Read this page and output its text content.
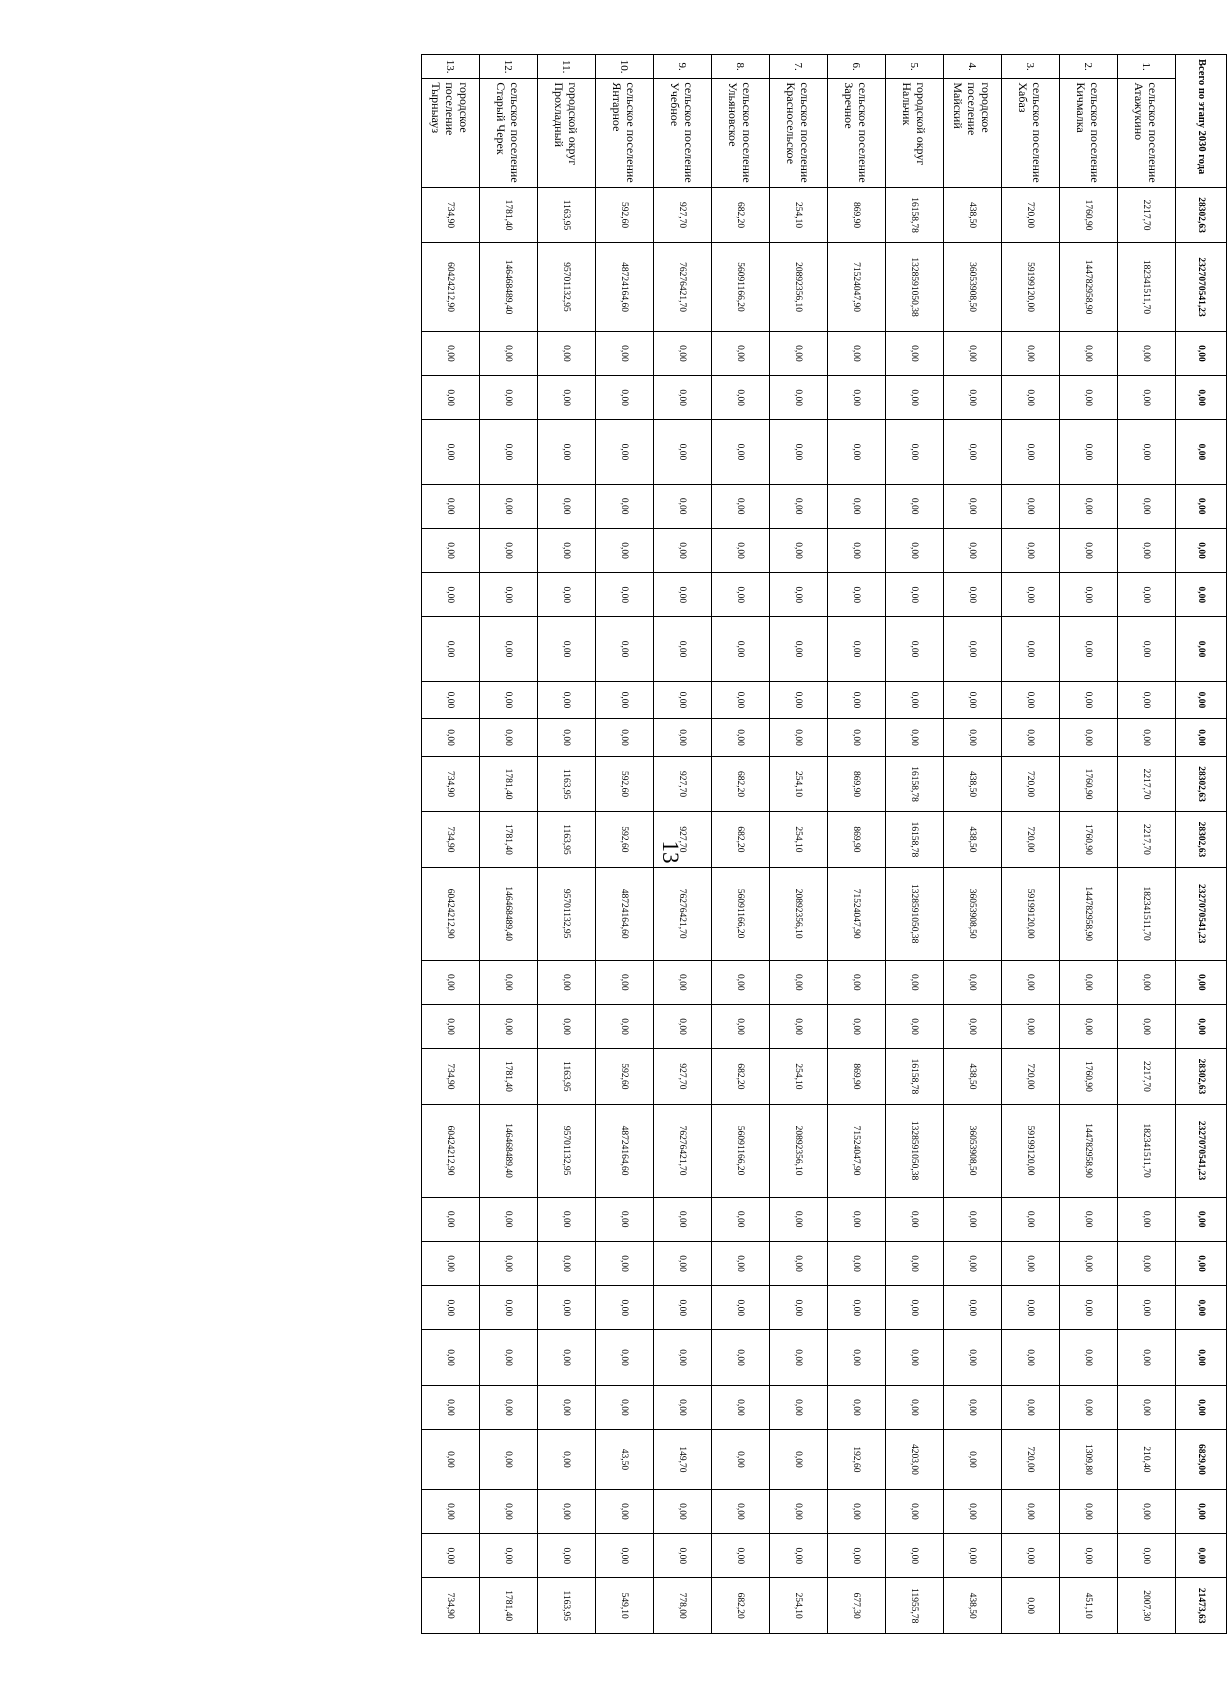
13
Всего по этапу 2030 года		28302,63	2327070541,23	0,00	0,00	0,00	0,00	0,00	0,00	0,00	0,00	0,00	28302,63	28302,63	2327070541,23	0,00	0,00	28302,63	2327070541,23	0,00	0,00	0,00	0,00	0,00	6829,00	0,00	0,00	21473,63
1.	сельское поселение Атажукино	2217,70	182341511,70	0,00	0,00	0,00	0,00	0,00	0,00	0,00	0,00	0,00	2217,70	2217,70	182341511,70	0,00	0,00	2217,70	182341511,70	0,00	0,00	0,00	0,00	0,00	210,40	0,00	0,00	2007,30
2.	сельское поселение Кичмалка	1760,90	144782958,90	0,00	0,00	0,00	0,00	0,00	0,00	0,00	0,00	0,00	1760,90	1760,90	144782958,90	0,00	0,00	1760,90	144782958,90	0,00	0,00	0,00	0,00	0,00	1309,80	0,00	0,00	451,10
3.	сельское поселение Хабаз	720,00	59199120,00	0,00	0,00	0,00	0,00	0,00	0,00	0,00	0,00	0,00	720,00	720,00	59199120,00	0,00	0,00	720,00	59199120,00	0,00	0,00	0,00	0,00	0,00	720,00	0,00	0,00	0,00
4.	городское поселение Майский	438,50	36053908,50	0,00	0,00	0,00	0,00	0,00	0,00	0,00	0,00	0,00	438,50	438,50	36053908,50	0,00	0,00	438,50	36053908,50	0,00	0,00	0,00	0,00	0,00	0,00	0,00	0,00	438,50
5.	городской округ Нальчик	16158,78	1328591050,38	0,00	0,00	0,00	0,00	0,00	0,00	0,00	0,00	0,00	16158,78	16158,78	1328591050,38	0,00	0,00	16158,78	1328591050,38	0,00	0,00	0,00	0,00	0,00	4203,00	0,00	0,00	11955,78
6.	сельское поселение Заречное	869,90	71524047,90	0,00	0,00	0,00	0,00	0,00	0,00	0,00	0,00	0,00	869,90	869,90	71524047,90	0,00	0,00	869,90	71524047,90	0,00	0,00	0,00	0,00	0,00	192,60	0,00	0,00	677,30
7.	сельское поселение Красносельское	254,10	20892356,10	0,00	0,00	0,00	0,00	0,00	0,00	0,00	0,00	0,00	254,10	254,10	20892356,10	0,00	0,00	254,10	20892356,10	0,00	0,00	0,00	0,00	0,00	0,00	0,00	0,00	254,10
8.	сельское поселение Ульяновское	682,20	56091166,20	0,00	0,00	0,00	0,00	0,00	0,00	0,00	0,00	0,00	682,20	682,20	56091166,20	0,00	0,00	682,20	56091166,20	0,00	0,00	0,00	0,00	0,00	0,00	0,00	0,00	682,20
9.	сельское поселение Учебное	927,70	76276421,70	0,00	0,00	0,00	0,00	0,00	0,00	0,00	0,00	0,00	927,70	927,70	76276421,70	0,00	0,00	927,70	76276421,70	0,00	0,00	0,00	0,00	0,00	149,70	0,00	0,00	778,00
10.	сельское поселение Янтарное	592,60	48724164,60	0,00	0,00	0,00	0,00	0,00	0,00	0,00	0,00	0,00	592,60	592,60	48724164,60	0,00	0,00	592,60	48724164,60	0,00	0,00	0,00	0,00	0,00	43,50	0,00	0,00	549,10
11.	городской округ Прохладный	1163,95	95701132,95	0,00	0,00	0,00	0,00	0,00	0,00	0,00	0,00	0,00	1163,95	1163,95	95701132,95	0,00	0,00	1163,95	95701132,95	0,00	0,00	0,00	0,00	0,00	0,00	0,00	0,00	1163,95
12.	сельское поселение Старый Черек	1781,40	146468489,40	0,00	0,00	0,00	0,00	0,00	0,00	0,00	0,00	0,00	1781,40	1781,40	146468489,40	0,00	0,00	1781,40	146468489,40	0,00	0,00	0,00	0,00	0,00	0,00	0,00	0,00	1781,40
13.	городское поселение Тырныауз	734,90	60424212,90	0,00	0,00	0,00	0,00	0,00	0,00	0,00	0,00	0,00	734,90	734,90	60424212,90	0,00	0,00	734,90	60424212,90	0,00	0,00	0,00	0,00	0,00	0,00	0,00	0,00	734,90
